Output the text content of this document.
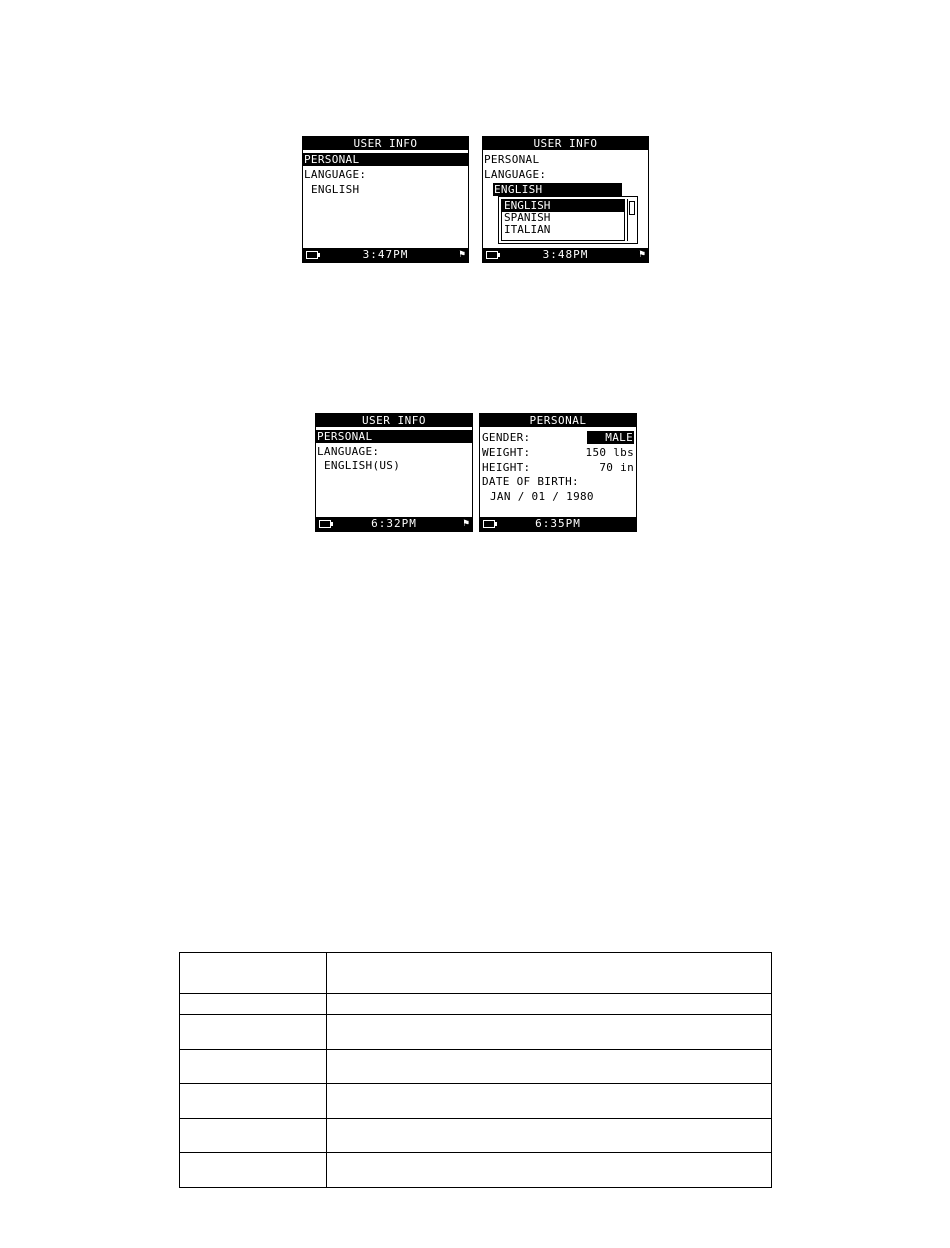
USER INFO
PERSONAL
LANGUAGE:
ENGLISH
3:47PM	⚑
USER INFO
PERSONAL
LANGUAGE:
ENGLISH
ENGLISH
SPANISH
ITALIAN
3:48PM	⚑
USER INFO
PERSONAL
LANGUAGE:
ENGLISH(US)
6:32PM	⚑
PERSONAL
GENDER:	MALE
WEIGHT:	150 lbs
HEIGHT:	70 in
DATE OF BIRTH:
JAN / 01 / 1980
6:35PM
